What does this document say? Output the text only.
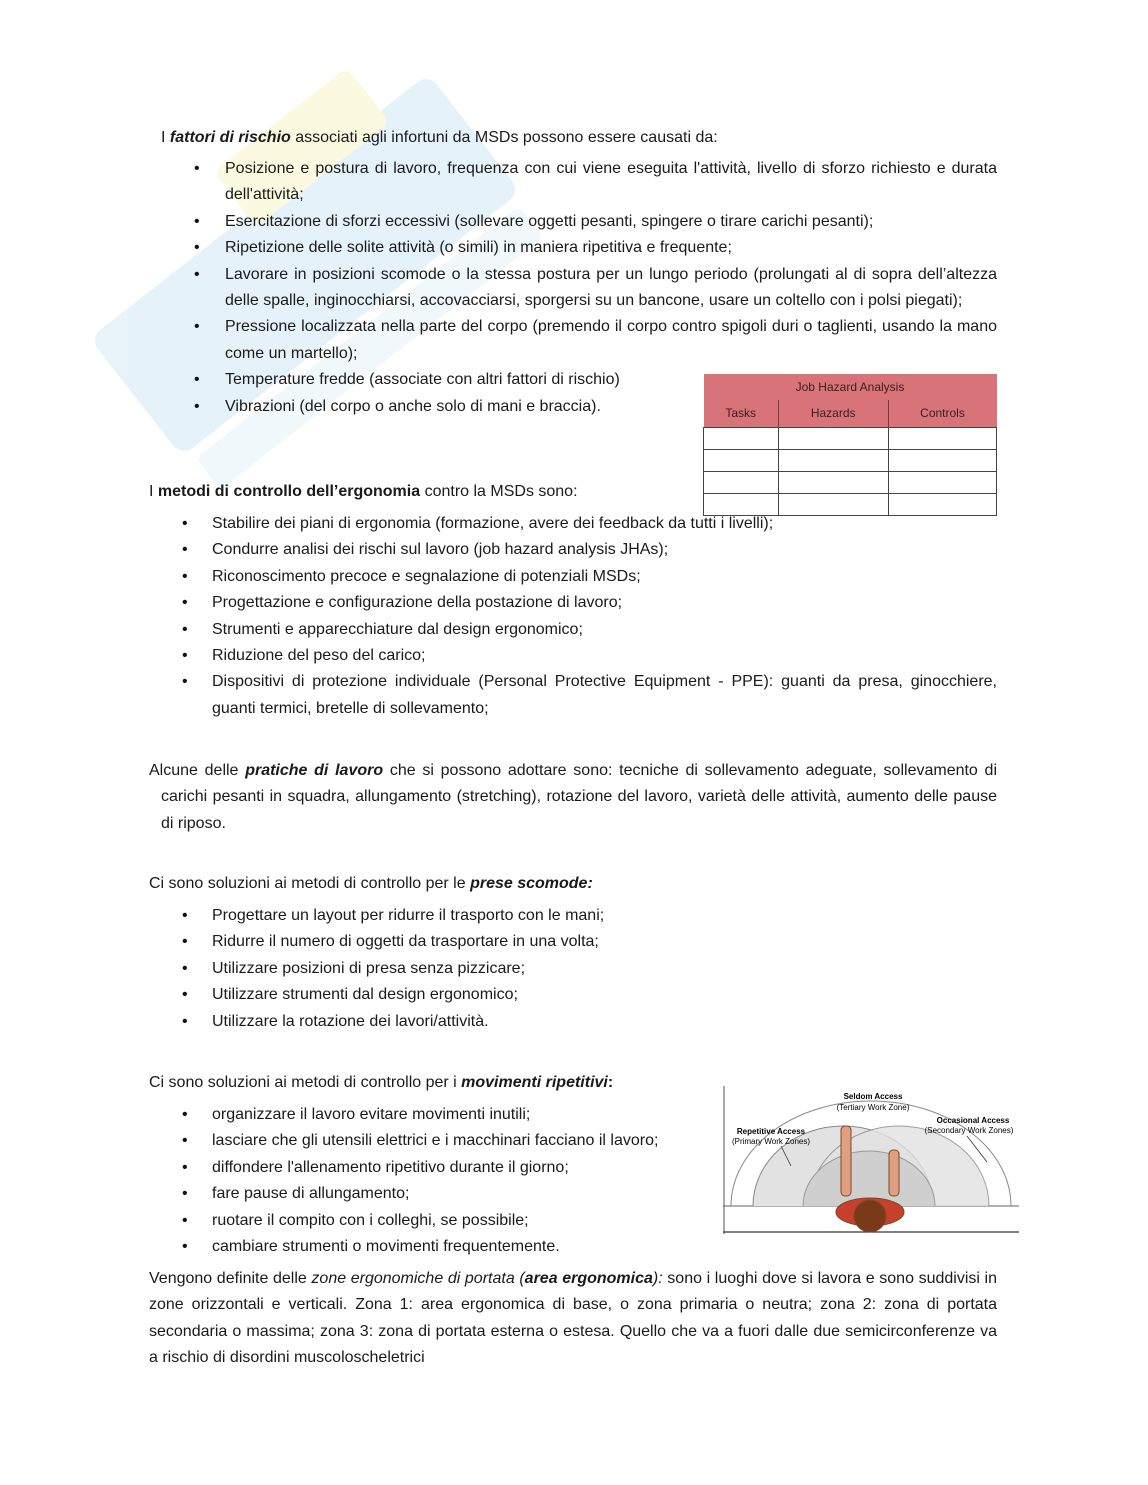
I fattori di rischio associati agli infortuni da MSDs possono essere causati da:

• Posizione e postura di lavoro, frequenza con cui viene eseguita l'attività, livello di sforzo richiesto e durata dell'attività;
• Esercitazione di sforzi eccessivi (sollevare oggetti pesanti, spingere o tirare carichi pesanti);
• Ripetizione delle solite attività (o simili) in maniera ripetitiva e frequente;
• Lavorare in posizioni scomode o la stessa postura per un lungo periodo (prolungati al di sopra dell’altezza delle spalle, inginocchiarsi, accovacciarsi, sporgersi su un bancone, usare un coltello con i polsi piegati);
• Pressione localizzata nella parte del corpo (premendo il corpo contro spigoli duri o taglienti, usando la mano come un martello);
• Temperature fredde (associate con altri fattori di rischio)
• Vibrazioni (del corpo o anche solo di mani e braccia).
Job Hazard Analysis		
Tasks	Hazards	Controls

I metodi di controllo dell’ergonomia contro la MSDs sono:

• Stabilire dei piani di ergonomia (formazione, avere dei feedback da tutti i livelli);
• Condurre analisi dei rischi sul lavoro (job hazard analysis JHAs);
• Riconoscimento precoce e segnalazione di potenziali MSDs;
• Progettazione e configurazione della postazione di lavoro;
• Strumenti e apparecchiature dal design ergonomico;
• Riduzione del peso del carico;
• Dispositivi di protezione individuale (Personal Protective Equipment - PPE): guanti da presa, ginocchiere, guanti termici, bretelle di sollevamento;

Alcune delle pratiche di lavoro che si possono adottare sono: tecniche di sollevamento adeguate, sollevamento di carichi pesanti in squadra, allungamento (stretching), rotazione del lavoro, varietà delle attività, aumento delle pause di riposo.

Ci sono soluzioni ai metodi di controllo per le prese scomode:

• Progettare un layout per ridurre il trasporto con le mani;
• Ridurre il numero di oggetti da trasportare in una volta;
• Utilizzare posizioni di presa senza pizzicare;
• Utilizzare strumenti dal design ergonomico;
• Utilizzare la rotazione dei lavori/attività.

Ci sono soluzioni ai metodi di controllo per i movimenti ripetitivi:

• organizzare il lavoro evitare movimenti inutili;
• lasciare che gli utensili elettrici e i macchinari facciano il lavoro;
• diffondere l'allenamento ripetitivo durante il giorno;
• fare pause di allungamento;
• ruotare il compito con i colleghi, se possibile;
• cambiare strumenti o movimenti frequentemente.
Seldom Access
(Tertiary Work Zone)
Occasional Access
(Secondary Work Zones)
Repetitive Access
(Primary Work Zones)

Vengono definite delle zone ergonomiche di portata (area ergonomica): sono i luoghi dove si lavora e sono suddivisi in zone orizzontali e verticali. Zona 1: area ergonomica di base, o zona primaria o neutra; zona 2: zona di portata secondaria o massima; zona 3: zona di portata esterna o estesa. Quello che va a fuori dalle due semicirconferenze va a rischio di disordini muscoloscheletrici
